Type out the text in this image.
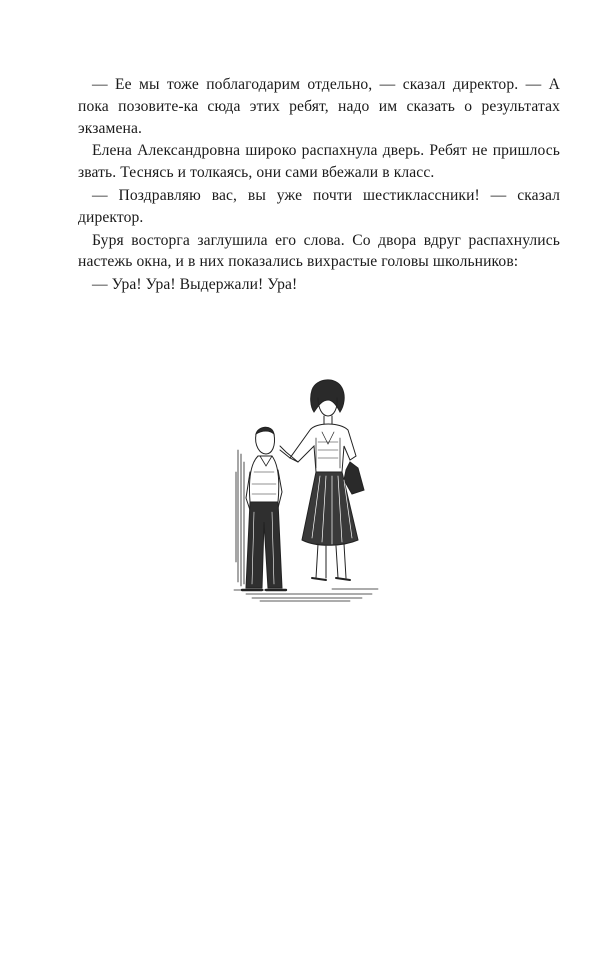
— Ее мы тоже поблагодарим отдельно, — сказал директор. — А пока позовите-ка сюда этих ребят, надо им сказать о результатах экзамена.

Елена Александровна широко распахнула дверь. Ребят не пришлось звать. Теснясь и толкаясь, они сами вбежали в класс.

— Поздравляю вас, вы уже почти шестиклассники! — сказал директор.

Буря восторга заглушила его слова. Со двора вдруг распахнулись настежь окна, и в них показались вихрастые головы школьников:

— Ура! Ура! Выдержали! Ура!
